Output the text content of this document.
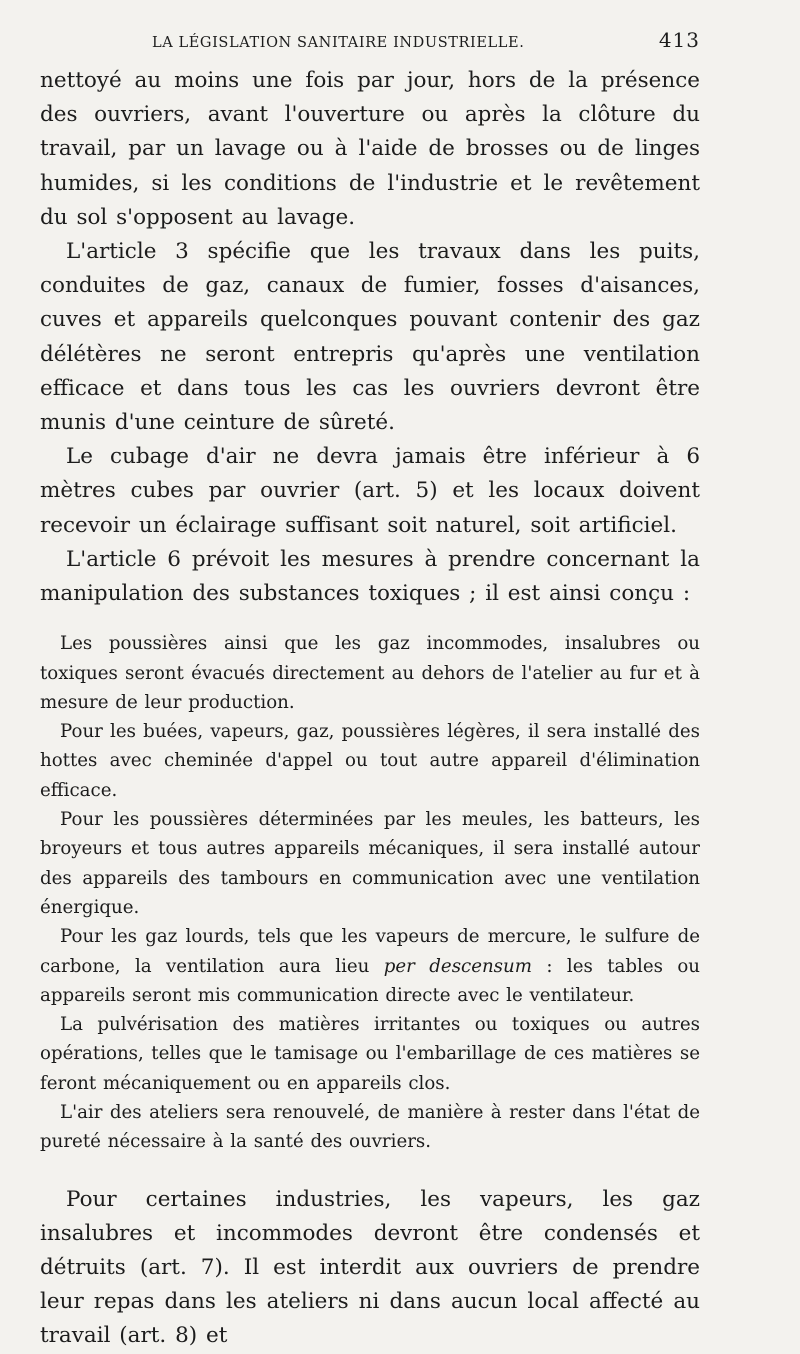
LA LÉGISLATION SANITAIRE INDUSTRIELLE.	413

nettoyé au moins une fois par jour, hors de la présence des ouvriers, avant l'ouverture ou après la clôture du travail, par un lavage ou à l'aide de brosses ou de linges humides, si les conditions de l'industrie et le revêtement du sol s'opposent au lavage.

L'article 3 spécifie que les travaux dans les puits, conduites de gaz, canaux de fumier, fosses d'aisances, cuves et appareils quelconques pouvant contenir des gaz délétères ne seront entrepris qu'après une ventilation efficace et dans tous les cas les ouvriers devront être munis d'une ceinture de sûreté.

Le cubage d'air ne devra jamais être inférieur à 6 mètres cubes par ouvrier (art. 5) et les locaux doivent recevoir un éclairage suffisant soit naturel, soit artificiel.

L'article 6 prévoit les mesures à prendre concernant la manipulation des substances toxiques ; il est ainsi conçu :

Les poussières ainsi que les gaz incommodes, insalubres ou toxiques seront évacués directement au dehors de l'atelier au fur et à mesure de leur production.

Pour les buées, vapeurs, gaz, poussières légères, il sera installé des hottes avec cheminée d'appel ou tout autre appareil d'élimination efficace.

Pour les poussières déterminées par les meules, les batteurs, les broyeurs et tous autres appareils mécaniques, il sera installé autour des appareils des tambours en communication avec une ventilation énergique.

Pour les gaz lourds, tels que les vapeurs de mercure, le sulfure de carbone, la ventilation aura lieu per descensum : les tables ou appareils seront mis communication directe avec le ventilateur.

La pulvérisation des matières irritantes ou toxiques ou autres opérations, telles que le tamisage ou l'embarillage de ces matières se feront mécaniquement ou en appareils clos.

L'air des ateliers sera renouvelé, de manière à rester dans l'état de pureté nécessaire à la santé des ouvriers.

Pour certaines industries, les vapeurs, les gaz insalubres et incommodes devront être condensés et détruits (art. 7). Il est interdit aux ouvriers de prendre leur repas dans les ateliers ni dans aucun local affecté au travail (art. 8) et
